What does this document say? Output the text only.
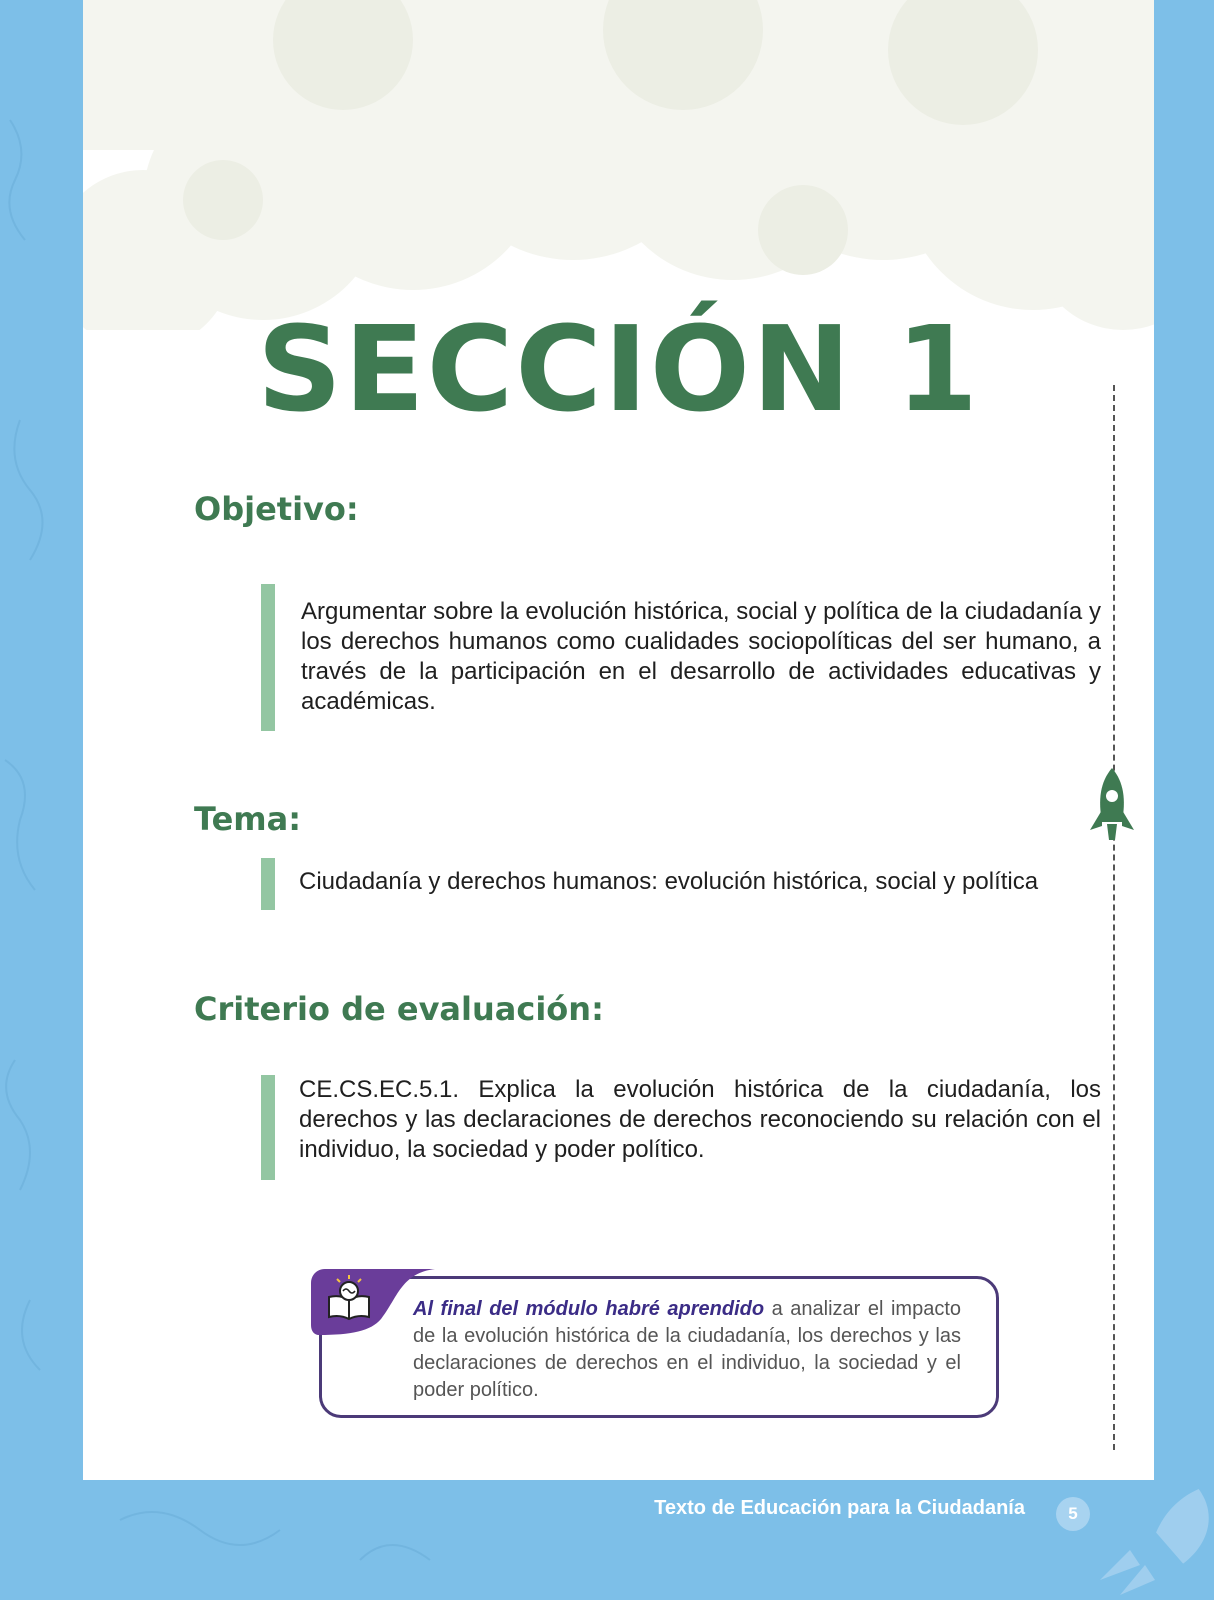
SECCIÓN 1
Objetivo:

Argumentar sobre la evolución histórica, social y política de la ciudadanía y los derechos humanos como cualidades sociopolíticas del ser humano, a través de la participación en el desarrollo de actividades educativas y académicas.

Tema:

Ciudadanía y derechos humanos: evolución histórica, social y política

Criterio de evaluación:

CE.CS.EC.5.1. Explica la evolución histórica de la ciudadanía, los derechos y las declaraciones de derechos reconociendo su relación con el individuo, la sociedad y poder político.

Al final del módulo habré aprendido a analizar el impacto de la evolución histórica de la ciudadanía, los derechos y las declaraciones de derechos en el individuo, la sociedad y el poder político.

Texto de Educación para la Ciudadanía	5
